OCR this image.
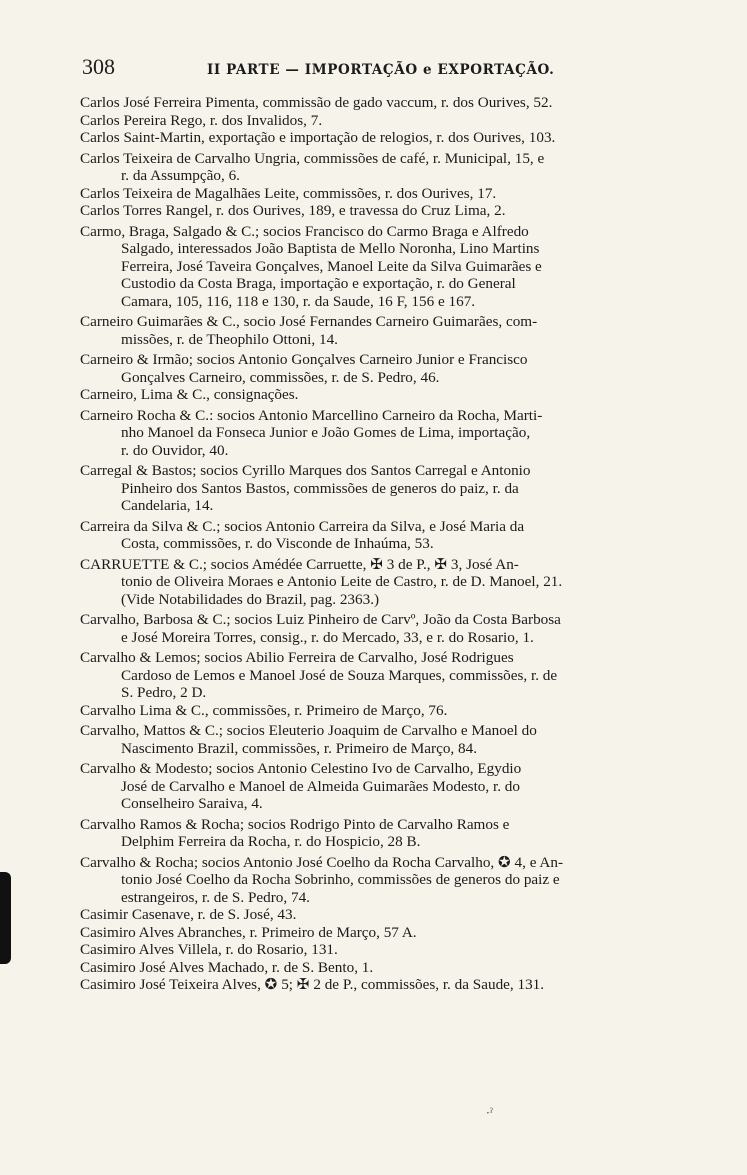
308	II PARTE — IMPORTAÇÃO e EXPORTAÇÃO.

Carlos José Ferreira Pimenta, commissão de gado vaccum, r. dos Ourives, 52.

Carlos Pereira Rego, r. dos Invalidos, 7.

Carlos Saint-Martin, exportação e importação de relogios, r. dos Ourives, 103.

Carlos Teixeira de Carvalho Ungria, commissões de café, r. Municipal, 15, e

r. da Assumpção, 6.

Carlos Teixeira de Magalhães Leite, commissões, r. dos Ourives, 17.

Carlos Torres Rangel, r. dos Ourives, 189, e travessa do Cruz Lima, 2.

Carmo, Braga, Salgado & C.; socios Francisco do Carmo Braga e Alfredo

Salgado, interessados João Baptista de Mello Noronha, Lino Martins
Ferreira, José Taveira Gonçalves, Manoel Leite da Silva Guimarães e
Custodio da Costa Braga, importação e exportação, r. do General
Camara, 105, 116, 118 e 130, r. da Saude, 16 F, 156 e 167.

Carneiro Guimarães & C., socio José Fernandes Carneiro Guimarães, com-

missões, r. de Theophilo Ottoni, 14.

Carneiro & Irmão; socios Antonio Gonçalves Carneiro Junior e Francisco

Gonçalves Carneiro, commissões, r. de S. Pedro, 46.

Carneiro, Lima & C., consignações.

Carneiro Rocha & C.: socios Antonio Marcellino Carneiro da Rocha, Marti-

nho Manoel da Fonseca Junior e João Gomes de Lima, importação,
r. do Ouvidor, 40.

Carregal & Bastos; socios Cyrillo Marques dos Santos Carregal e Antonio

Pinheiro dos Santos Bastos, commissões de generos do paiz, r. da
Candelaria, 14.

Carreira da Silva & C.; socios Antonio Carreira da Silva, e José Maria da

Costa, commissões, r. do Visconde de Inhaúma, 53.

CARRUETTE & C.; socios Amédée Carruette, ✠ 3 de P., ✠ 3, José An-

tonio de Oliveira Moraes e Antonio Leite de Castro, r. de D. Manoel, 21.
(Vide Notabilidades do Brazil, pag. 2363.)

Carvalho, Barbosa & C.; socios Luiz Pinheiro de Carvº, João da Costa Barbosa

e José Moreira Torres, consig., r. do Mercado, 33, e r. do Rosario, 1.

Carvalho & Lemos; socios Abilio Ferreira de Carvalho, José Rodrigues

Cardoso de Lemos e Manoel José de Souza Marques, commissões, r. de
S. Pedro, 2 D.

Carvalho Lima & C., commissões, r. Primeiro de Março, 76.

Carvalho, Mattos & C.; socios Eleuterio Joaquim de Carvalho e Manoel do

Nascimento Brazil, commissões, r. Primeiro de Março, 84.

Carvalho & Modesto; socios Antonio Celestino Ivo de Carvalho, Egydio

José de Carvalho e Manoel de Almeida Guimarães Modesto, r. do
Conselheiro Saraiva, 4.

Carvalho Ramos & Rocha; socios Rodrigo Pinto de Carvalho Ramos e

Delphim Ferreira da Rocha, r. do Hospicio, 28 B.

Carvalho & Rocha; socios Antonio José Coelho da Rocha Carvalho, ✪ 4, e An-

tonio José Coelho da Rocha Sobrinho, commissões de generos do paiz e
estrangeiros, r. de S. Pedro, 74.

Casimir Casenave, r. de S. José, 43.

Casimiro Alves Abranches, r. Primeiro de Março, 57 A.

Casimiro Alves Villela, r. do Rosario, 131.

Casimiro José Alves Machado, r. de S. Bento, 1.

Casimiro José Teixeira Alves, ✪ 5; ✠ 2 de P., commissões, r. da Saude, 131.

·ˀ
